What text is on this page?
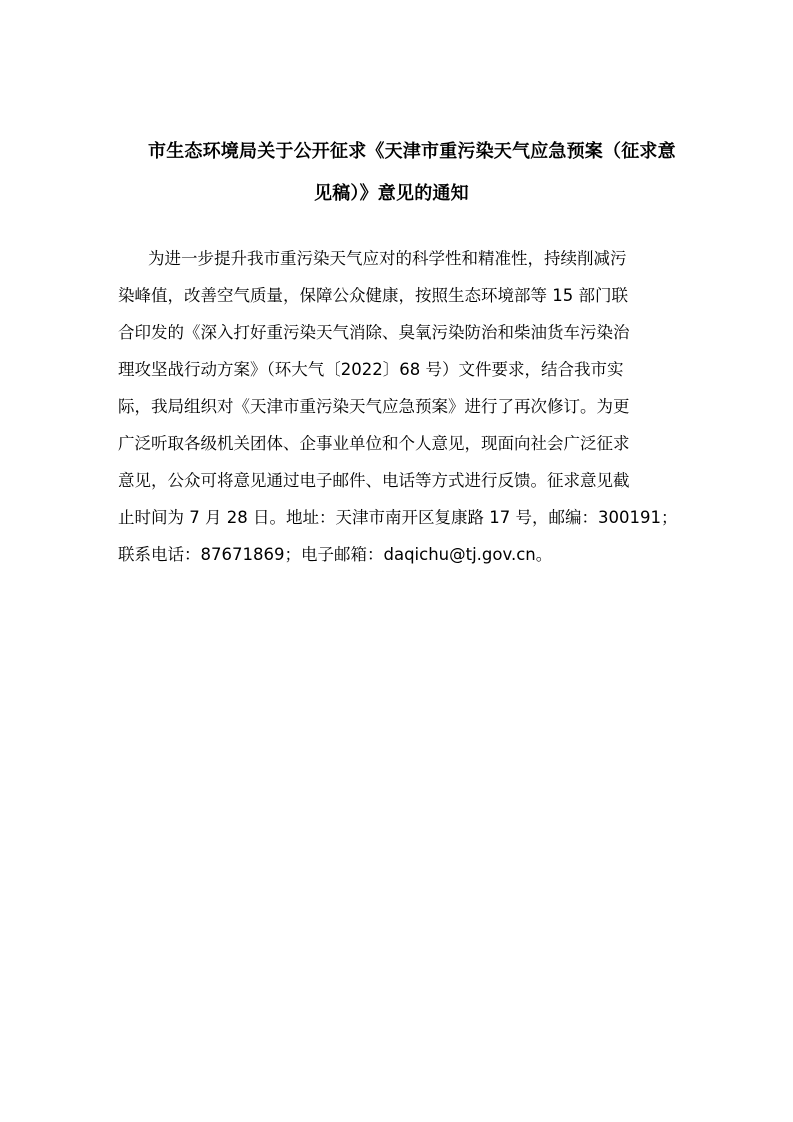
市生态环境局关于公开征求《天津市重污染天气应急预案（征求意
见稿）》意见的通知
为进一步提升我市重污染天气应对的科学性和精准性，持续削减污
染峰值，改善空气质量，保障公众健康，按照生态环境部等 15 部门联
合印发的《深入打好重污染天气消除、臭氧污染防治和柴油货车污染治
理攻坚战行动方案》（环大气〔2022〕68 号）文件要求，结合我市实
际，我局组织对《天津市重污染天气应急预案》进行了再次修订。为更
广泛听取各级机关团体、企事业单位和个人意见，现面向社会广泛征求
意见，公众可将意见通过电子邮件、电话等方式进行反馈。征求意见截
止时间为 7 月 28 日。地址：天津市南开区复康路 17 号，邮编：300191；
联系电话：87671869；电子邮箱：daqichu@tj.gov.cn。
